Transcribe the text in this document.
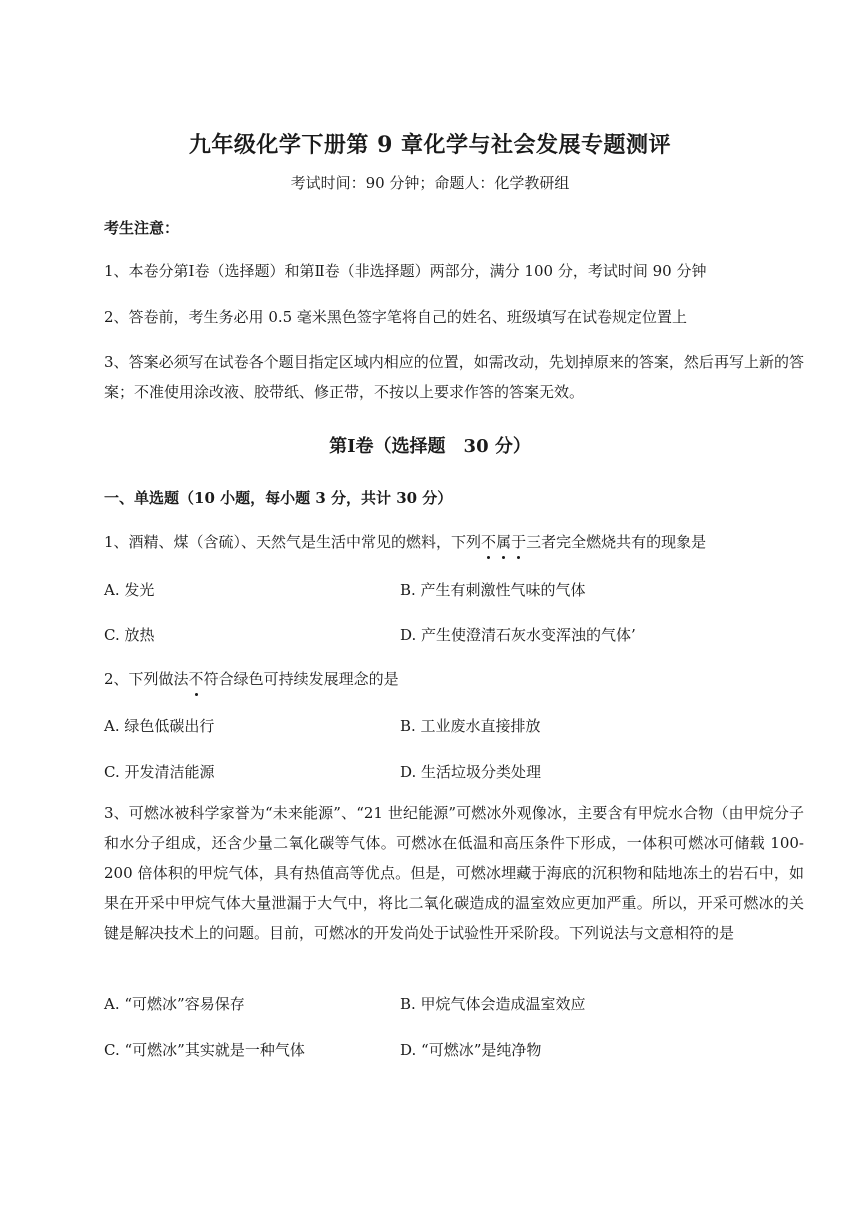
九年级化学下册第 9 章化学与社会发展专题测评
考试时间：90 分钟；命题人：化学教研组
考生注意：
1、本卷分第Ⅰ卷（选择题）和第Ⅱ卷（非选择题）两部分，满分 100 分，考试时间 90 分钟
2、答卷前，考生务必用 0.5 毫米黑色签字笔将自己的姓名、班级填写在试卷规定位置上
3、答案必须写在试卷各个题目指定区域内相应的位置，如需改动，先划掉原来的答案，然后再写上新的答案；不准使用涂改液、胶带纸、修正带，不按以上要求作答的答案无效。
第Ⅰ卷（选择题　30 分）
一、单选题（10 小题，每小题 3 分，共计 30 分）
1、酒精、煤（含硫）、天然气是生活中常见的燃料，下列不属于三者完全燃烧共有的现象是
A. 发光	B. 产生有刺激性气味的气体
C. 放热	D. 产生使澄清石灰水变浑浊的气体’
2、下列做法不符合绿色可持续发展理念的是
A. 绿色低碳出行	B. 工业废水直接排放
C. 开发清洁能源	D. 生活垃圾分类处理
3、可燃冰被科学家誉为“未来能源”、“21 世纪能源”可燃冰外观像冰，主要含有甲烷水合物（由甲烷分子和水分子组成，还含少量二氧化碳等气体。可燃冰在低温和高压条件下形成，一体积可燃冰可储载 100-200 倍体积的甲烷气体，具有热值高等优点。但是，可燃冰埋藏于海底的沉积物和陆地冻土的岩石中，如果在开采中甲烷气体大量泄漏于大气中，将比二氧化碳造成的温室效应更加严重。所以，开采可燃冰的关键是解决技术上的问题。目前，可燃冰的开发尚处于试验性开采阶段。下列说法与文意相符的是
A. “可燃冰”容易保存	B. 甲烷气体会造成温室效应
C. “可燃冰”其实就是一种气体	D. “可燃冰”是纯净物
